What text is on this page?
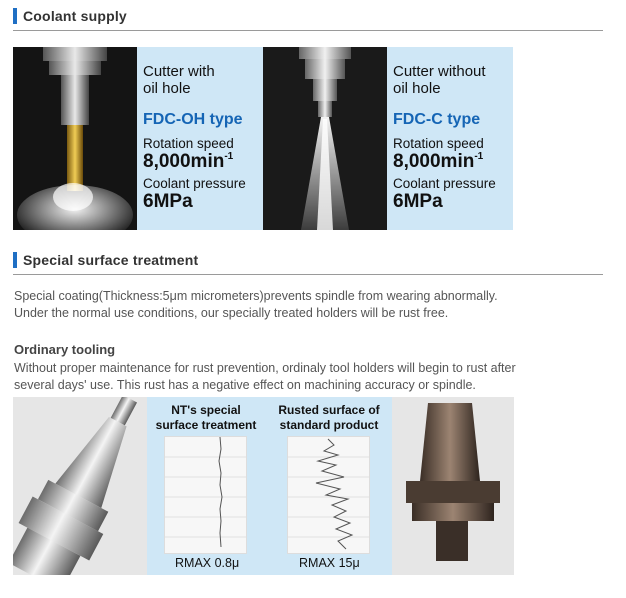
Coolant supply
Cutter with
oil hole
FDC-OH type
Rotation speed
$8,000\min^{-1}$
Coolant pressure
6MPa
Cutter without
oil hole
FDC-C type
Rotation speed
$8,000\min^{-1}$
Coolant pressure
6MPa
Special surface treatment
Special coating(Thickness:5μm micrometers)prevents spindle from wearing abnormally.
Under the normal use conditions, our specially treated holders will be rust free.
Ordinary tooling
Without proper maintenance for rust prevention, ordinaly tool holders will begin to rust after
several days' use. This rust has a negative effect on machining accuracy or spindle.
NT's special
surface treatment
Rusted surface of
standard product
RMAX 0.8μ	RMAX 15μ
